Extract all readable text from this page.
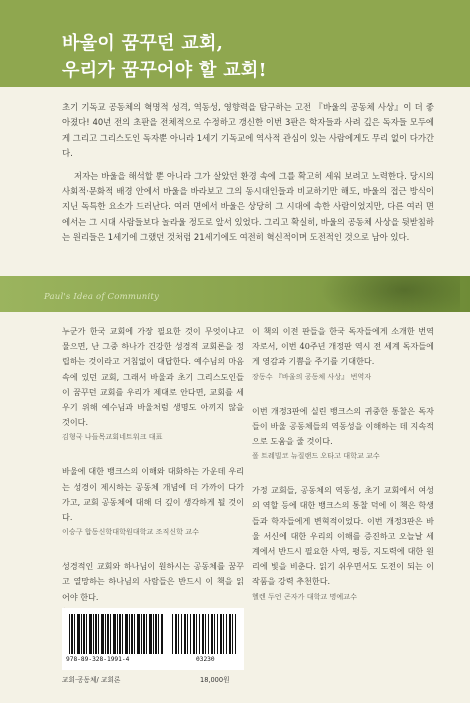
바울이 꿈꾸던 교회,
우리가 꿈꾸어야 할 교회!

초기 기독교 공동체의 혁명적 성격, 역동성, 영향력을 탐구하는 고전 『바울의 공동체 사상』이 더 좋아졌다! 40년 전의 초판을 전체적으로 수정하고 갱신한 이번 3판은 학자들과 사려 깊은 독자들 모두에게 그리고 그리스도인 독자뿐 아니라 1세기 기독교에 역사적 관심이 있는 사람에게도 무리 없이 다가간다.

저자는 바울을 해석할 뿐 아니라 그가 살았던 환경 속에 그를 확고히 세워 보려고 노력한다. 당시의 사회적·문화적 배경 안에서 바울을 바라보고 그의 동시대인들과 비교하기만 해도, 바울의 접근 방식이 지닌 독특한 요소가 드러난다. 여러 면에서 바울은 상당히 그 시대에 속한 사람이었지만, 다른 여러 면에서는 그 시대 사람들보다 놀라울 정도로 앞서 있었다. 그리고 확실히, 바울의 공동체 사상을 뒷받침하는 원리들은 1세기에 그랬던 것처럼 21세기에도 여전히 혁신적이며 도전적인 것으로 남아 있다.

Paul's Idea of Community
누군가 한국 교회에 가장 필요한 것이 무엇이냐고 물으면, 난 그중 하나가 건강한 성경적 교회론을 정립하는 것이라고 거침없이 대답한다. 예수님의 마음속에 있던 교회, 그래서 바울과 초기 그리스도인들이 꿈꾸던 교회를 우리가 제대로 안다면, 교회를 세우기 위해 예수님과 바울처럼 생명도 아끼지 않을 것이다.
김형국 나들목교회네트워크 대표
바울에 대한 뱅크스의 이해와 대화하는 가운데 우리는 성경이 제시하는 공동체 개념에 더 가까이 다가가고, 교회 공동체에 대해 더 깊이 생각하게 될 것이다.
이승구 합동신학대학원대학교 조직신학 교수
성경적인 교회와 하나님이 원하시는 공동체를 꿈꾸고 열망하는 하나님의 사람들은 반드시 이 책을 읽어야 한다.
이 책의 이전 판들을 한국 독자들에게 소개한 번역자로서, 이번 40주년 개정판 역시 전 세계 독자들에게 영감과 기쁨을 주기를 기대한다.
장동수 『바울의 공동체 사상』 번역자
이번 개정3판에 실린 뱅크스의 귀중한 통찰은 독자들이 바울 공동체들의 역동성을 이해하는 데 지속적으로 도움을 줄 것이다.
폴 트레빌코 뉴질랜드 오타고 대학교 교수
가정 교회들, 공동체의 역동성, 초기 교회에서 여성의 역할 등에 대한 뱅크스의 통찰 덕에 이 책은 학생들과 학자들에게 변혁적이었다. 이번 개정3판은 바울 서신에 대한 우리의 이해를 증진하고 오늘날 세계에서 반드시 필요한 사역, 평등, 지도력에 대한 원리에 빛을 비춘다. 읽기 쉬우면서도 도전이 되는 이 작품을 강력 추천한다.
헬렌 두언 곤자가 대학교 명예교수
978-89-328-1991-4	03230
교회·공동체/ 교회론	18,000원
